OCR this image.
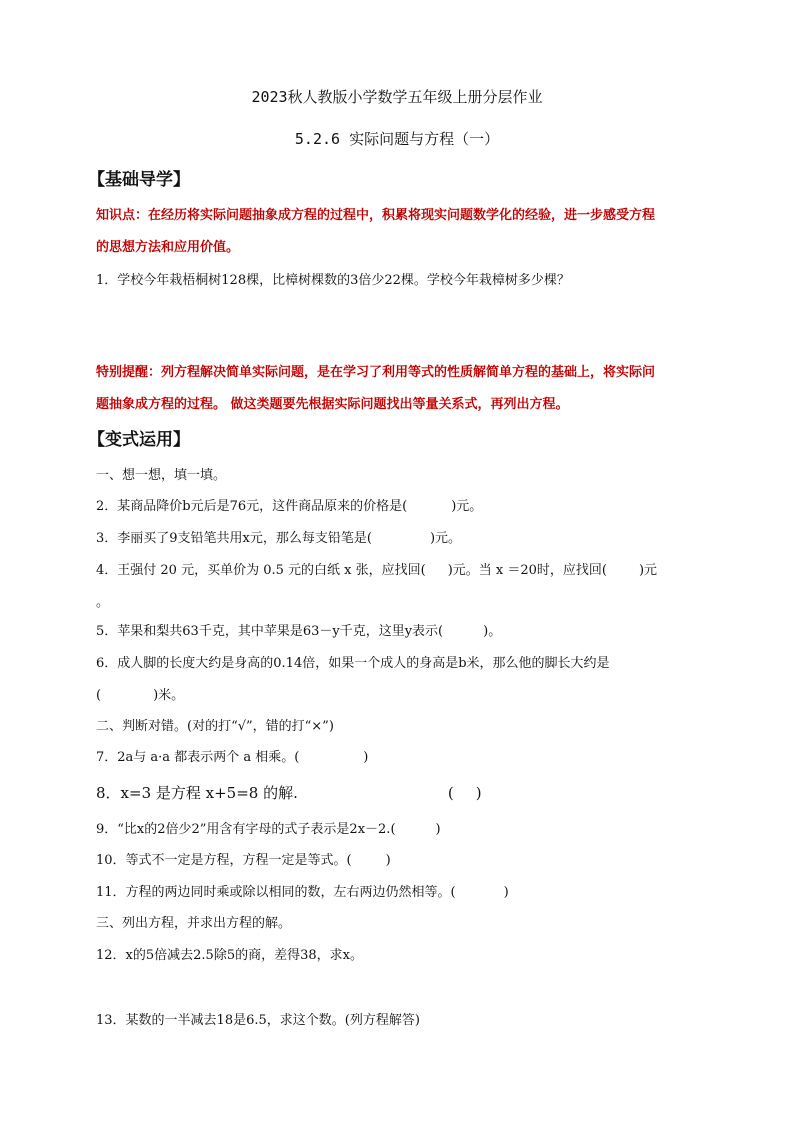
2023秋人教版小学数学五年级上册分层作业
5.2.6 实际问题与方程（一）
【基础导学】
知识点：在经历将实际问题抽象成方程的过程中，积累将现实问题数学化的经验，进一步感受方程
的思想方法和应用价值。
1．学校今年栽梧桐树128棵，比樟树棵数的3倍少22棵。学校今年栽樟树多少棵？
特别提醒：列方程解决简单实际问题，是在学习了利用等式的性质解简单方程的基础上，将实际问
题抽象成方程的过程。 做这类题要先根据实际问题找出等量关系式，再列出方程。
【变式运用】
一、想一想，填一填。
2．某商品降价b元后是76元，这件商品原来的价格是(	)元。
3．李丽买了9支铅笔共用x元，那么每支铅笔是(	)元。
4．王强付 20 元，买单价为 0.5 元的白纸 x 张，应找回( )元。当 x ＝20时，应找回( )元
。
5．苹果和梨共63千克，其中苹果是63－y千克，这里y表示(	)。
6．成人脚的长度大约是身高的0.14倍，如果一个成人的身高是b米，那么他的脚长大约是
(	)米。
二、判断对错。(对的打“√”，错的打“×”)
7．2a与 a·a 都表示两个 a 相乘。(	)
8．x=3 是方程 x+5=8 的解.	( )
9．“比x的2倍少2”用含有字母的式子表示是2x－2.(	)
10．等式不一定是方程，方程一定是等式。(	)
11．方程的两边同时乘或除以相同的数，左右两边仍然相等。(	)
三、列出方程，并求出方程的解。
12．x的5倍减去2.5除5的商，差得38，求x。
13．某数的一半减去18是6.5，求这个数。(列方程解答)
